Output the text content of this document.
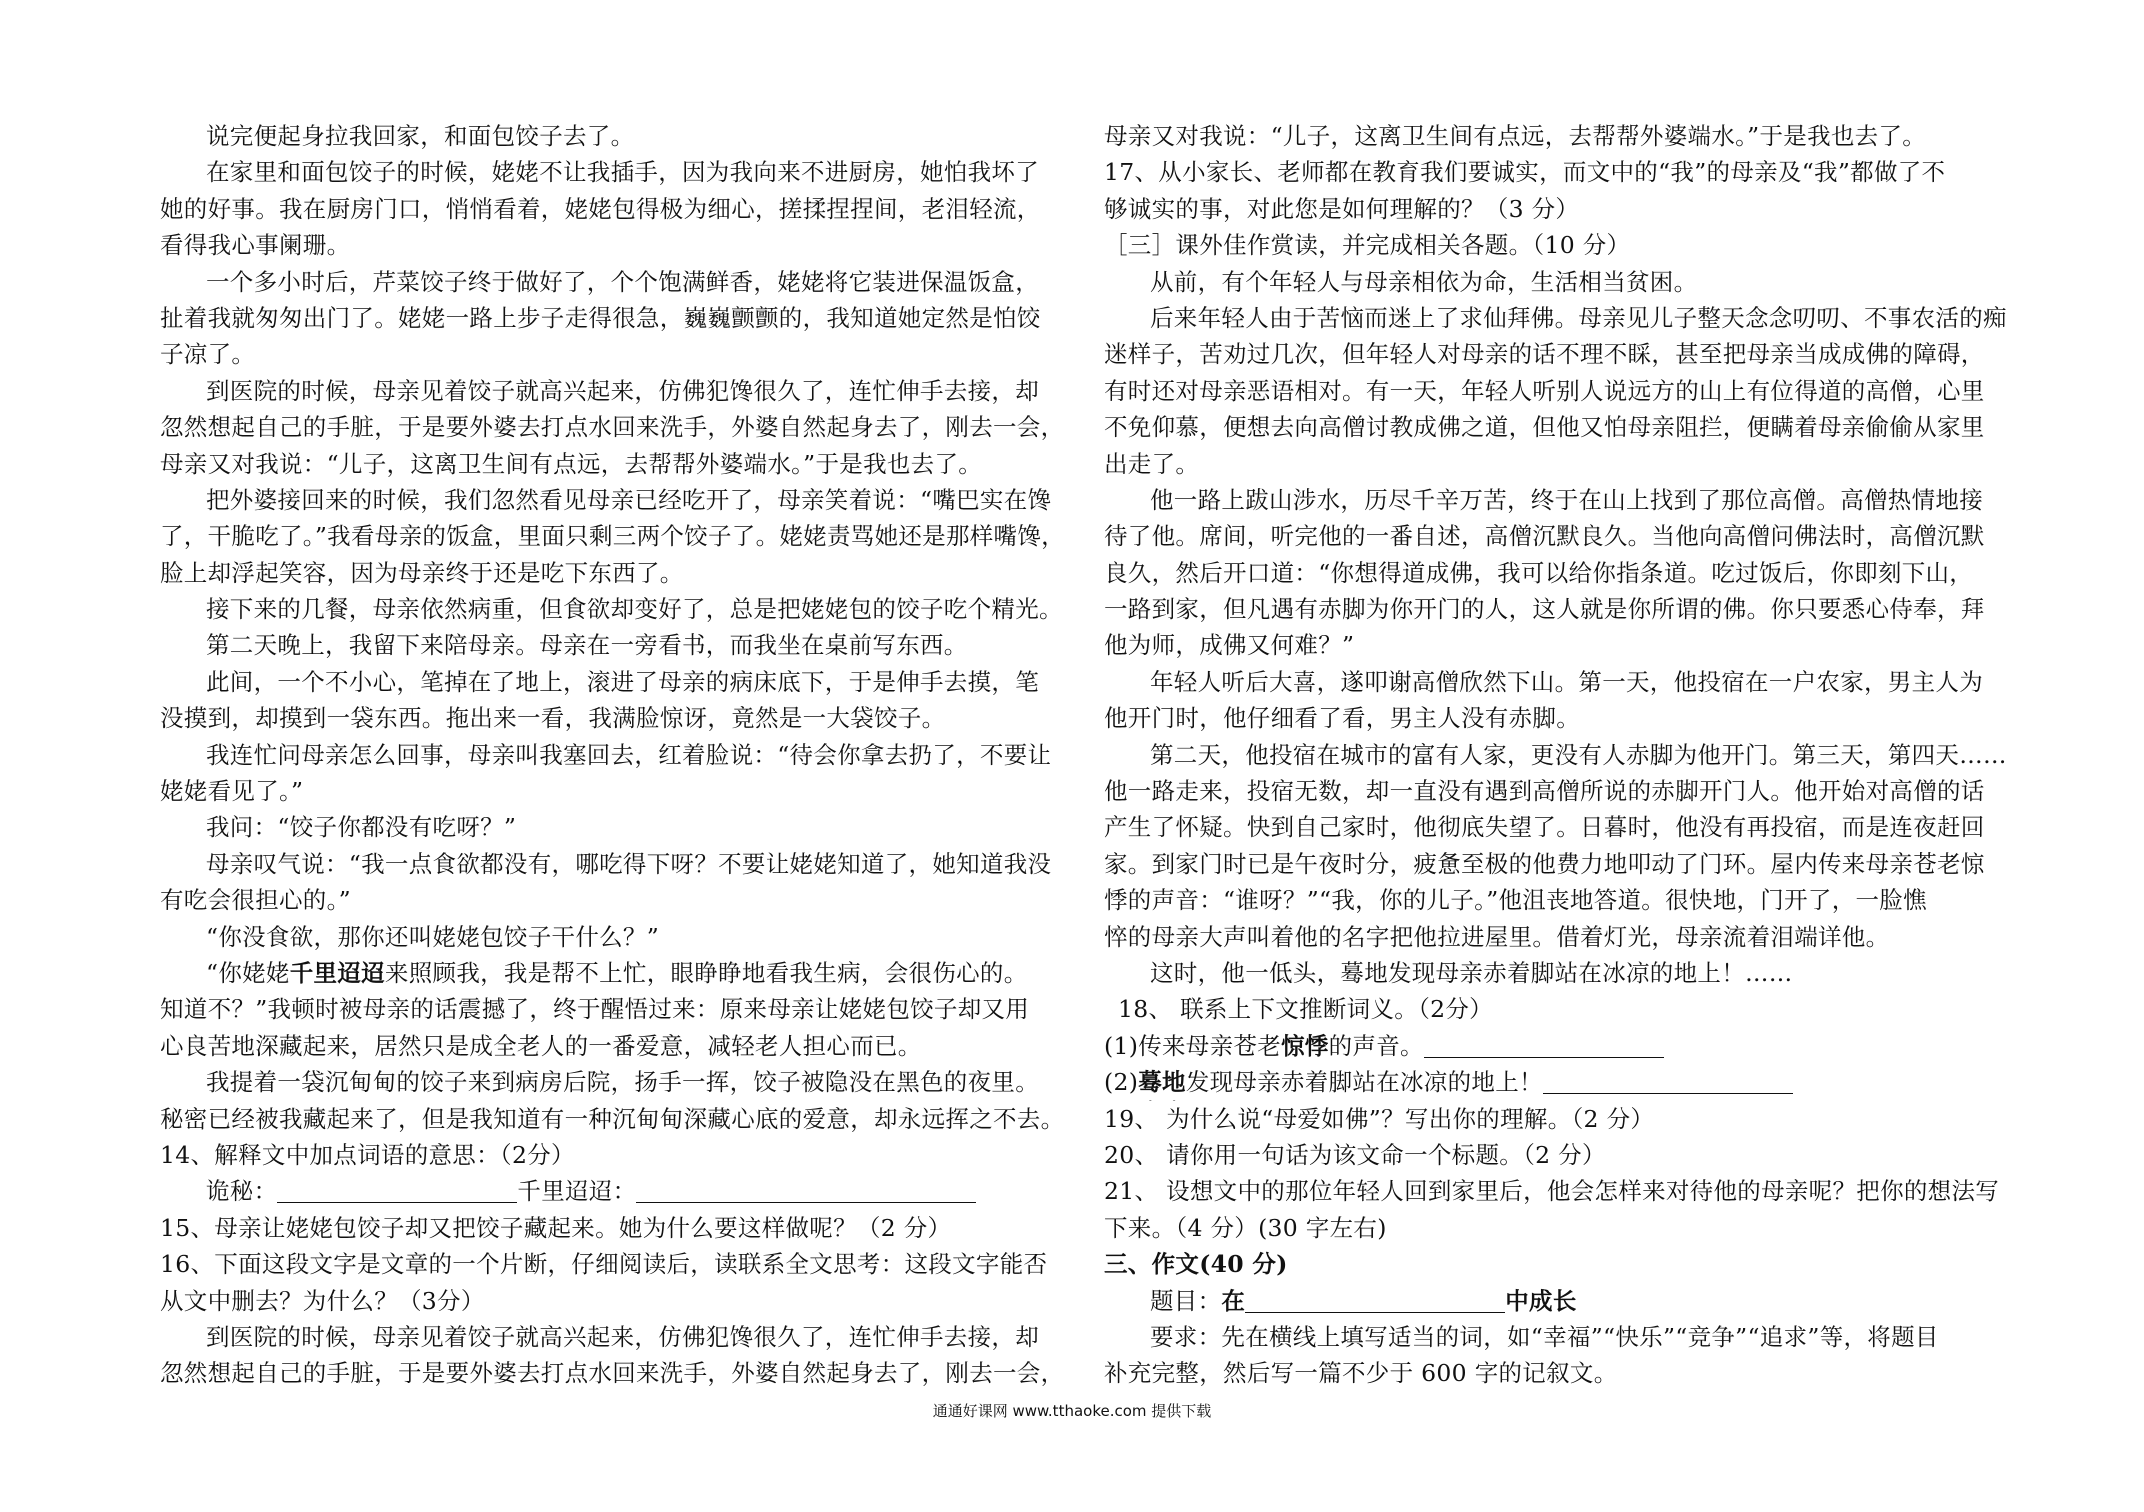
说完便起身拉我回家，和面包饺子去了。
在家里和面包饺子的时候，姥姥不让我插手，因为我向来不进厨房，她怕我坏了
她的好事。我在厨房门口，悄悄看着，姥姥包得极为细心，搓揉捏捏间，老泪轻流，
看得我心事阑珊。
一个多小时后，芹菜饺子终于做好了，个个饱满鲜香，姥姥将它装进保温饭盒，
扯着我就匆匆出门了。姥姥一路上步子走得很急，巍巍颤颤的，我知道她定然是怕饺
子凉了。
到医院的时候，母亲见着饺子就高兴起来，仿佛犯馋很久了，连忙伸手去接，却
忽然想起自己的手脏，于是要外婆去打点水回来洗手，外婆自然起身去了，刚去一会，
母亲又对我说：“儿子，这离卫生间有点远，去帮帮外婆端水。”于是我也去了。
把外婆接回来的时候，我们忽然看见母亲已经吃开了，母亲笑着说：“嘴巴实在馋
了，干脆吃了。”我看母亲的饭盒，里面只剩三两个饺子了。姥姥责骂她还是那样嘴馋，
脸上却浮起笑容，因为母亲终于还是吃下东西了。
接下来的几餐，母亲依然病重，但食欲却变好了，总是把姥姥包的饺子吃个精光。
第二天晚上，我留下来陪母亲。母亲在一旁看书，而我坐在桌前写东西。
此间，一个不小心，笔掉在了地上，滚进了母亲的病床底下，于是伸手去摸，笔
没摸到，却摸到一袋东西。拖出来一看，我满脸惊讶，竟然是一大袋饺子。
我连忙问母亲怎么回事，母亲叫我塞回去，红着脸说：“待会你拿去扔了，不要让
姥姥看见了。”
我问：“饺子你都没有吃呀？”
母亲叹气说：“我一点食欲都没有，哪吃得下呀？不要让姥姥知道了，她知道我没
有吃会很担心的。”
“你没食欲，那你还叫姥姥包饺子干什么？”
“你姥姥千里迢迢来照顾我，我是帮不上忙，眼睁睁地看我生病，会很伤心的。
知道不？”我顿时被母亲的话震撼了，终于醒悟过来：原来母亲让姥姥包饺子却又用
心良苦地深藏起来，居然只是成全老人的一番爱意，减轻老人担心而已。
我提着一袋沉甸甸的饺子来到病房后院，扬手一挥，饺子被隐没在黑色的夜里。
秘密已经被我藏起来了，但是我知道有一种沉甸甸深藏心底的爱意，却永远挥之不去。
14、解释文中加点词语的意思：（2分）
诡秘：	千里迢迢：
15、母亲让姥姥包饺子却又把饺子藏起来。她为什么要这样做呢？（2 分）
16、下面这段文字是文章的一个片断，仔细阅读后，读联系全文思考：这段文字能否
从文中删去？为什么？（3分）
到医院的时候，母亲见着饺子就高兴起来，仿佛犯馋很久了，连忙伸手去接，却
忽然想起自己的手脏，于是要外婆去打点水回来洗手，外婆自然起身去了，刚去一会，
母亲又对我说：“儿子，这离卫生间有点远，去帮帮外婆端水。”于是我也去了。
17、从小家长、老师都在教育我们要诚实，而文中的“我”的母亲及“我”都做了不
够诚实的事，对此您是如何理解的？（3 分）
［三］课外佳作赏读，并完成相关各题。（10 分）
从前，有个年轻人与母亲相依为命，生活相当贫困。
后来年轻人由于苦恼而迷上了求仙拜佛。母亲见儿子整天念念叨叨、不事农活的痴
迷样子，苦劝过几次，但年轻人对母亲的话不理不睬，甚至把母亲当成成佛的障碍，
有时还对母亲恶语相对。有一天，年轻人听别人说远方的山上有位得道的高僧，心里
不免仰慕，便想去向高僧讨教成佛之道，但他又怕母亲阻拦，便瞒着母亲偷偷从家里
出走了。
他一路上跋山涉水，历尽千辛万苦，终于在山上找到了那位高僧。高僧热情地接
待了他。席间，听完他的一番自述，高僧沉默良久。当他向高僧问佛法时，高僧沉默
良久，然后开口道：“你想得道成佛，我可以给你指条道。吃过饭后，你即刻下山，
一路到家，但凡遇有赤脚为你开门的人，这人就是你所谓的佛。你只要悉心侍奉，拜
他为师，成佛又何难？”
年轻人听后大喜，遂叩谢高僧欣然下山。第一天，他投宿在一户农家，男主人为
他开门时，他仔细看了看，男主人没有赤脚。
第二天，他投宿在城市的富有人家，更没有人赤脚为他开门。第三天，第四天……
他一路走来，投宿无数，却一直没有遇到高僧所说的赤脚开门人。他开始对高僧的话
产生了怀疑。快到自己家时，他彻底失望了。日暮时，他没有再投宿，而是连夜赶回
家。到家门时已是午夜时分，疲惫至极的他费力地叩动了门环。屋内传来母亲苍老惊
悸的声音：“谁呀？”“我，你的儿子。”他沮丧地答道。很快地，门开了，一脸憔
悴的母亲大声叫着他的名字把他拉进屋里。借着灯光，母亲流着泪端详他。
这时，他一低头，蓦地发现母亲赤着脚站在冰凉的地上！……
18、 联系上下文推断词义。（2分）
(1)传来母亲苍老惊悸的声音。
(2)蓦地发现母亲赤着脚站在冰凉的地上！
19、 为什么说“母爱如佛”？写出你的理解。（2 分）
20、 请你用一句话为该文命一个标题。（2 分）
21、 设想文中的那位年轻人回到家里后，他会怎样来对待他的母亲呢？把你的想法写
下来。（4 分）(30 字左右)
三、作文(40 分)
题目：在	中成长
要求：先在横线上填写适当的词，如“幸福”“快乐”“竞争”“追求”等，将题目
补充完整，然后写一篇不少于 600 字的记叙文。
通通好课网 www.tthaoke.com 提供下载
